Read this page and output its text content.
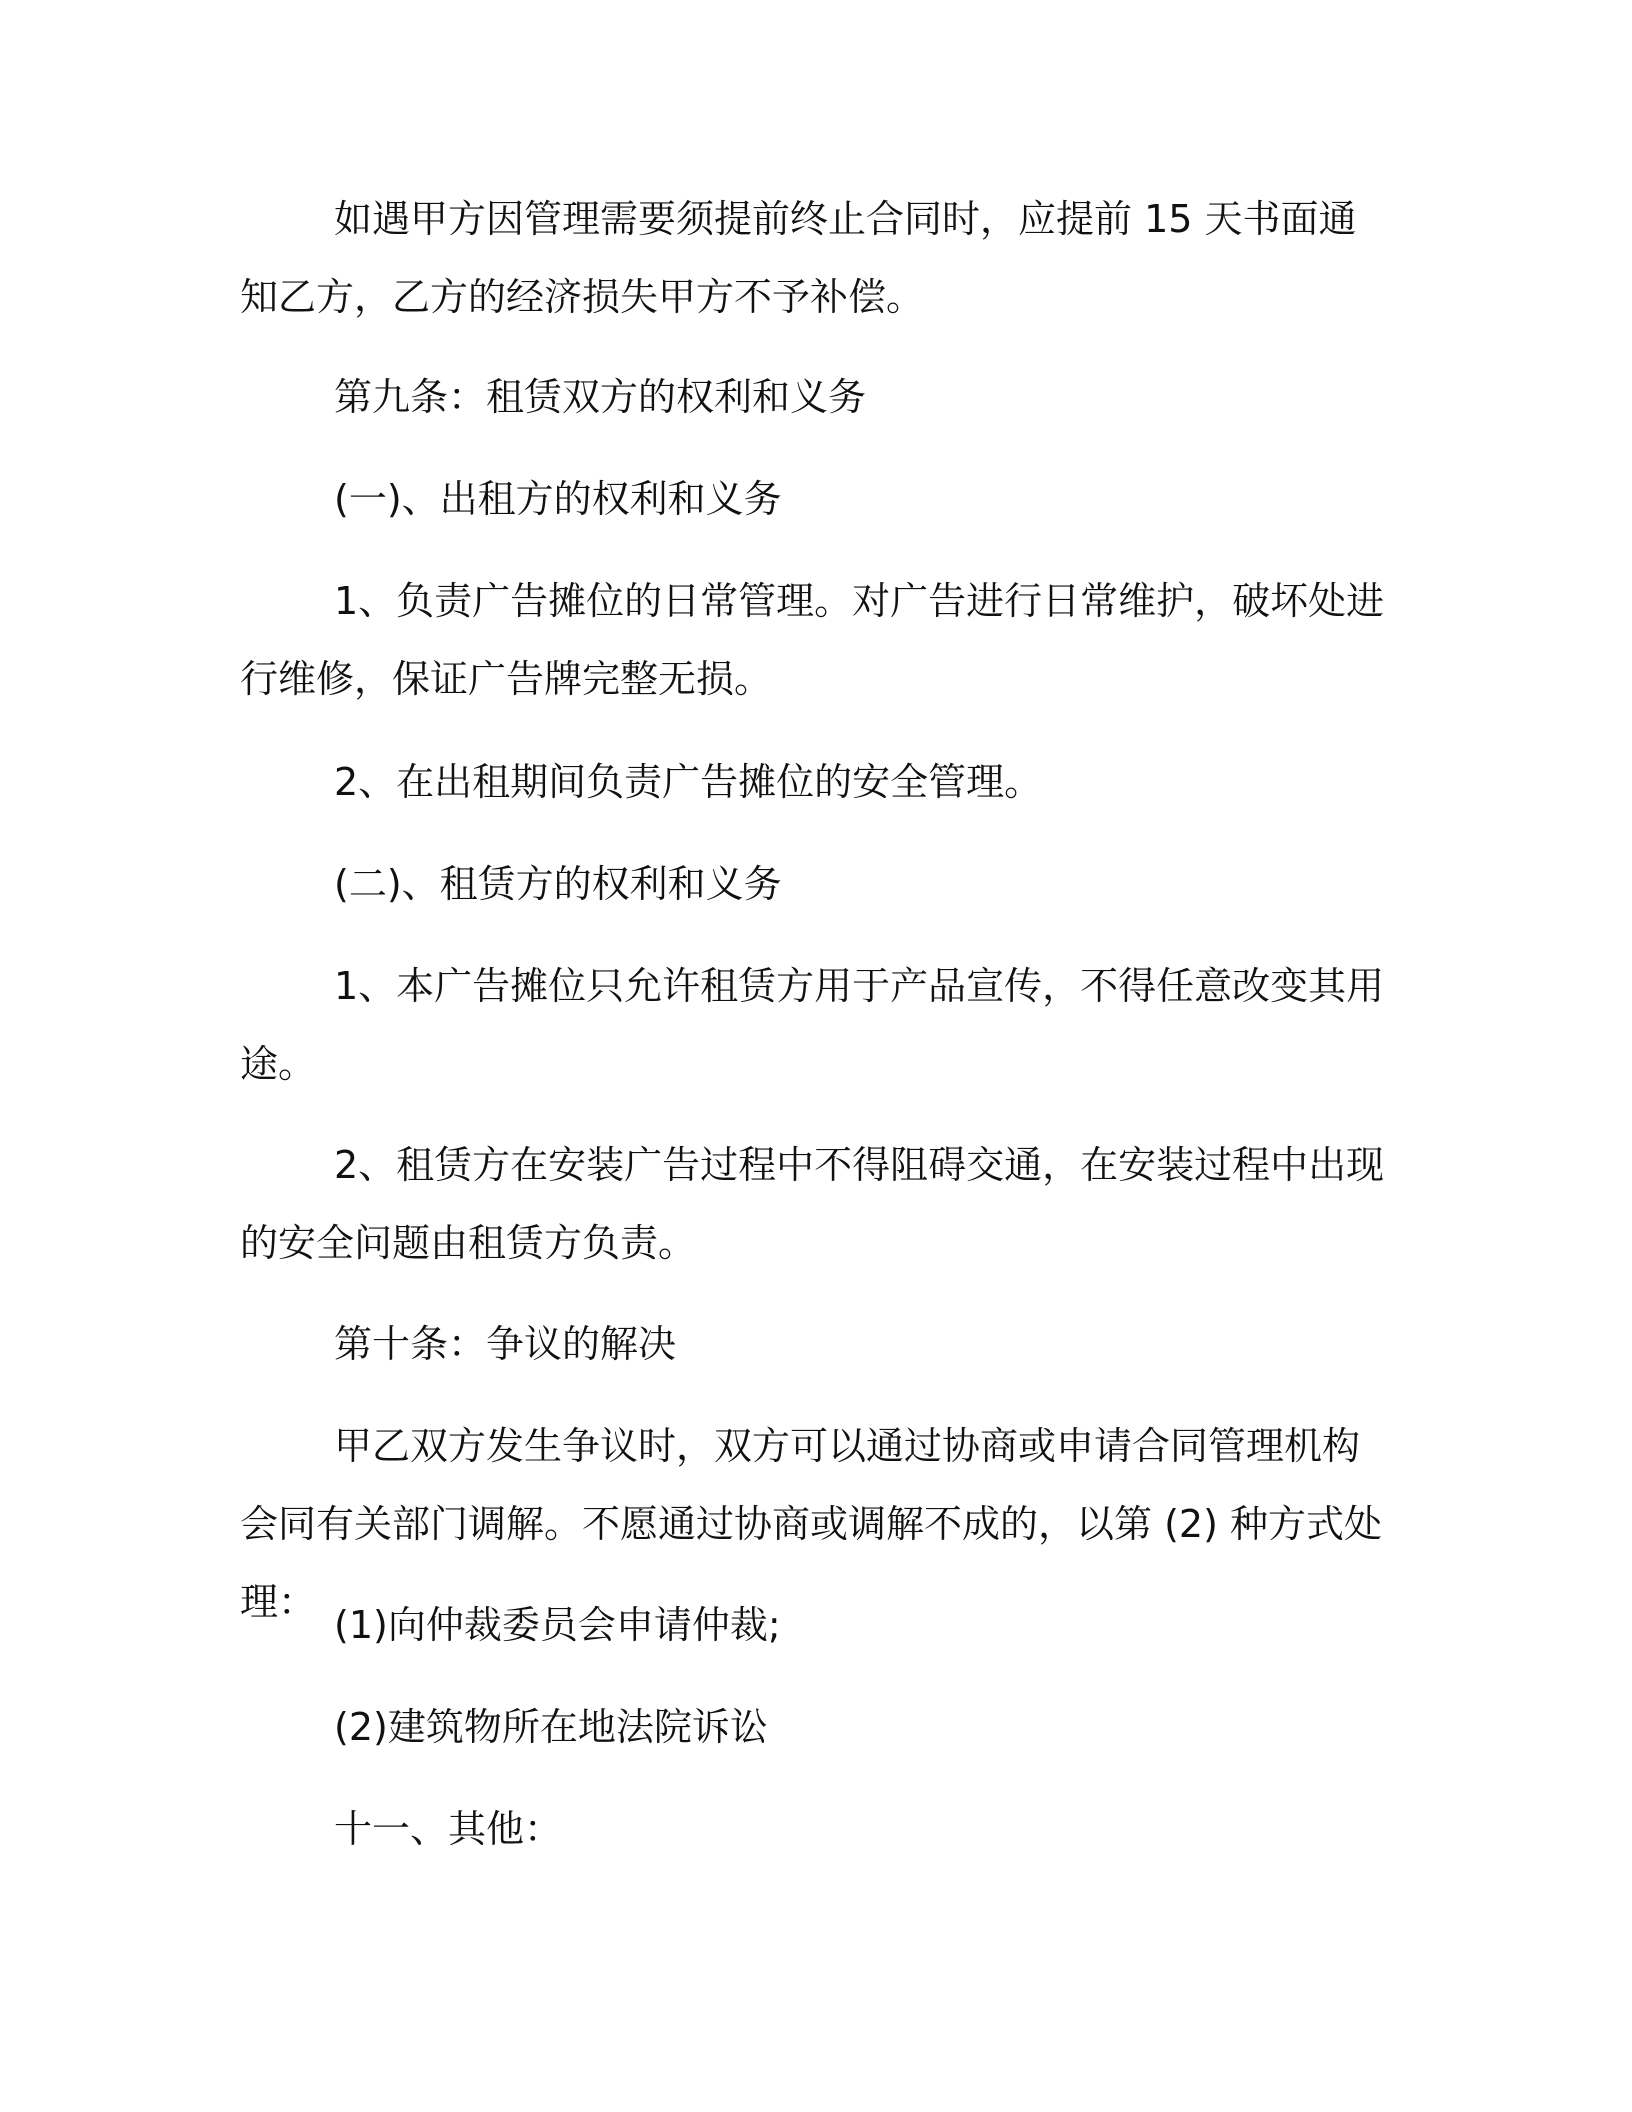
如遇甲方因管理需要须提前终止合同时，应提前 15 天书面通知乙方，乙方的经济损失甲方不予补偿。

第九条：租赁双方的权利和义务

(一)、出租方的权利和义务

1、负责广告摊位的日常管理。对广告进行日常维护，破坏处进行维修，保证广告牌完整无损。

2、在出租期间负责广告摊位的安全管理。

(二)、租赁方的权利和义务

1、本广告摊位只允许租赁方用于产品宣传，不得任意改变其用途。

2、租赁方在安装广告过程中不得阻碍交通，在安装过程中出现的安全问题由租赁方负责。

第十条：争议的解决

甲乙双方发生争议时，双方可以通过协商或申请合同管理机构会同有关部门调解。不愿通过协商或调解不成的，以第 (2) 种方式处理：

(1)向仲裁委员会申请仲裁;

(2)建筑物所在地法院诉讼

十一、其他：
